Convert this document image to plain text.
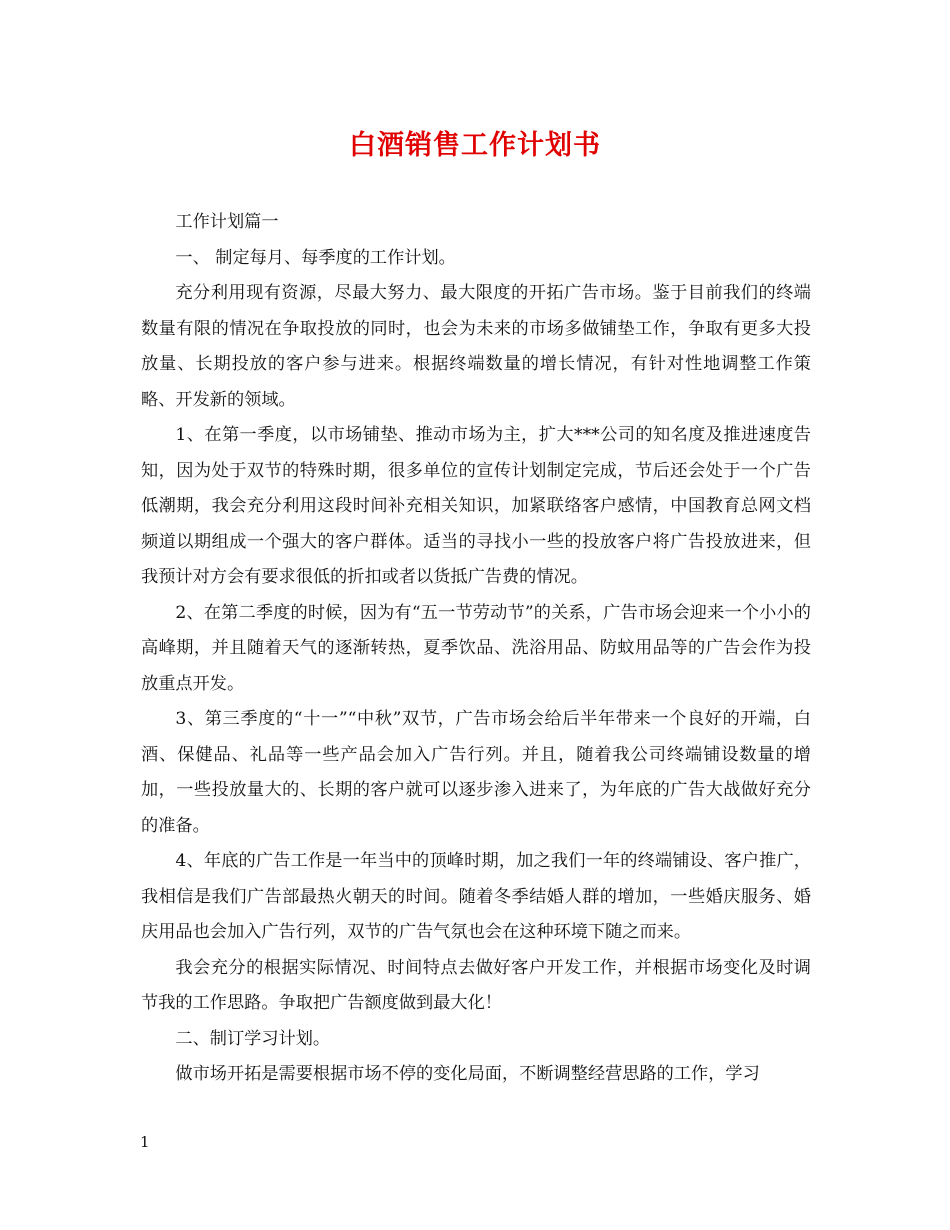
白酒销售工作计划书

工作计划篇一

一、 制定每月、每季度的工作计划。

充分利用现有资源，尽最大努力、最大限度的开拓广告市场。鉴于目前我们的终端数量有限的情况在争取投放的同时，也会为未来的市场多做铺垫工作，争取有更多大投放量、长期投放的客户参与进来。根据终端数量的增长情况，有针对性地调整工作策略、开发新的领域。

1、在第一季度，以市场铺垫、推动市场为主，扩大***公司的知名度及推进速度告知，因为处于双节的特殊时期，很多单位的宣传计划制定完成，节后还会处于一个广告低潮期，我会充分利用这段时间补充相关知识，加紧联络客户感情，中国教育总网文档频道以期组成一个强大的客户群体。适当的寻找小一些的投放客户将广告投放进来，但我预计对方会有要求很低的折扣或者以货抵广告费的情况。

2、在第二季度的时候，因为有“五一节劳动节”的关系，广告市场会迎来一个小小的高峰期，并且随着天气的逐渐转热，夏季饮品、洗浴用品、防蚊用品等的广告会作为投放重点开发。

3、第三季度的“十一”“中秋”双节，广告市场会给后半年带来一个良好的开端，白酒、保健品、礼品等一些产品会加入广告行列。并且，随着我公司终端铺设数量的增加，一些投放量大的、长期的客户就可以逐步渗入进来了，为年底的广告大战做好充分的准备。

4、年底的广告工作是一年当中的顶峰时期，加之我们一年的终端铺设、客户推广，我相信是我们广告部最热火朝天的时间。随着冬季结婚人群的增加，一些婚庆服务、婚庆用品也会加入广告行列，双节的广告气氛也会在这种环境下随之而来。

我会充分的根据实际情况、时间特点去做好客户开发工作，并根据市场变化及时调节我的工作思路。争取把广告额度做到最大化！

二、制订学习计划。

做市场开拓是需要根据市场不停的变化局面，不断调整经营思路的工作，学习

1
